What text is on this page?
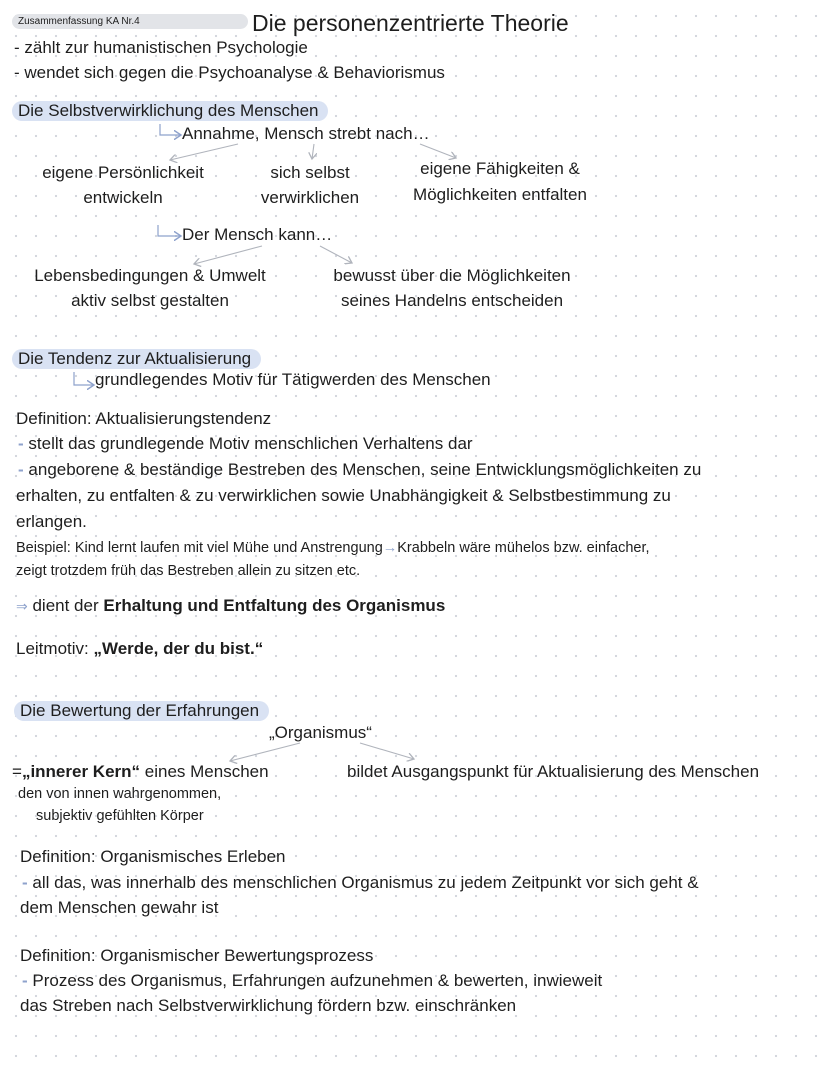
Zusammenfassung KA Nr.4	Die personenzentrierte Theorie
- zählt zur humanistischen Psychologie
- wendet sich gegen die Psychoanalyse & Behaviorismus
Die Selbstverwirklichung des Menschen
Annahme, Mensch strebt nach…
eigene Persönlichkeit
entwickeln
sich selbst
verwirklichen
eigene Fähigkeiten &
Möglichkeiten entfalten
Der Mensch kann…
Lebensbedingungen & Umwelt
aktiv selbst gestalten
bewusst über die Möglichkeiten
seines Handelns entscheiden
Die Tendenz zur Aktualisierung
grundlegendes Motiv für Tätigwerden des Menschen
Definition: Aktualisierungstendenz
- stellt das grundlegende Motiv menschlichen Verhaltens dar
- angeborene & beständige Bestreben des Menschen, seine Entwicklungsmöglichkeiten zu
erhalten, zu entfalten & zu verwirklichen sowie Unabhängigkeit & Selbstbestimmung zu
erlangen.
Beispiel: Kind lernt laufen mit viel Mühe und Anstrengung→Krabbeln wäre mühelos bzw. einfacher,
zeigt trotzdem früh das Bestreben allein zu sitzen etc.
⇒ dient der Erhaltung und Entfaltung des Organismus
Leitmotiv: „Werde, der du bist.“
Die Bewertung der Erfahrungen
„Organismus“
=„innerer Kern“ eines Menschen
den von innen wahrgenommen,
subjektiv gefühlten Körper
bildet Ausgangspunkt für Aktualisierung des Menschen
Definition: Organismisches Erleben
- all das, was innerhalb des menschlichen Organismus zu jedem Zeitpunkt vor sich geht &
dem Menschen gewahr ist
Definition: Organismischer Bewertungsprozess
- Prozess des Organismus, Erfahrungen aufzunehmen & bewerten, inwieweit
das Streben nach Selbstverwirklichung fördern bzw. einschränken
